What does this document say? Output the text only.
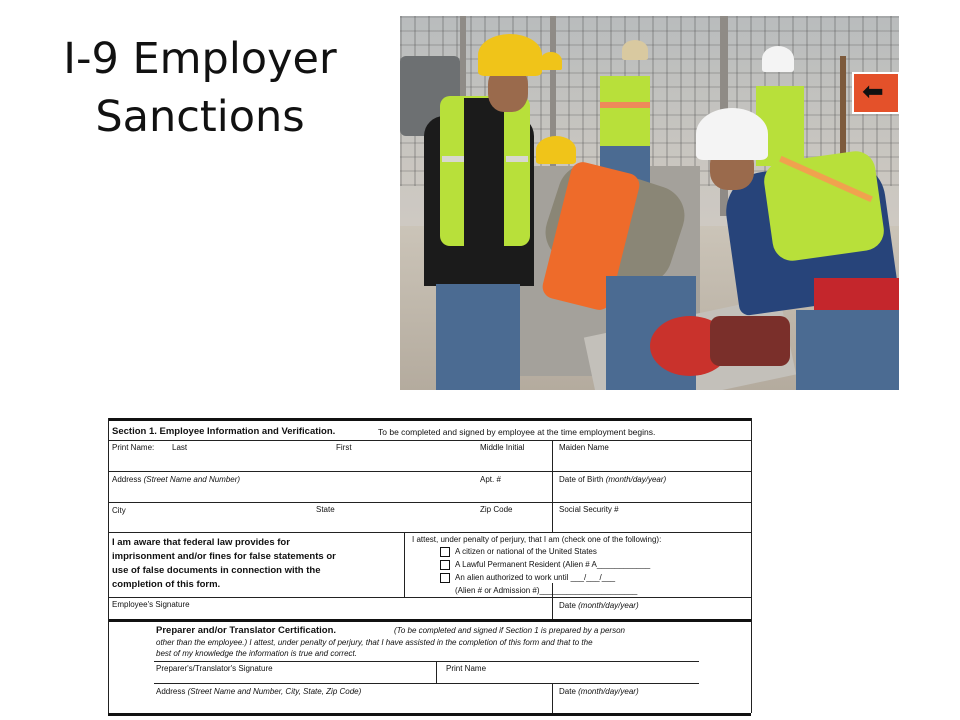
I-9 Employer Sanctions
⬅
Section 1. Employee Information and Verification.	To be completed and signed by employee at the time employment begins.
Print Name: Last	First	Middle Initial	Maiden Name
Address (Street Name and Number)	Apt. #	Date of Birth (month/day/year)
City	State	Zip Code	Social Security #
I am aware that federal law provides for
imprisonment and/or fines for false statements or
use of false documents in connection with the
completion of this form.
I attest, under penalty of perjury, that I am (check one of the following):
A citizen or national of the United States
A Lawful Permanent Resident (Alien # A____________
An alien authorized to work until ___/___/___
(Alien # or Admission #)______________________
Employee's Signature	Date (month/day/year)
Preparer and/or Translator Certification.	(To be completed and signed if Section 1 is prepared by a person
other than the employee.) I attest, under penalty of perjury, that I have assisted in the completion of this form and that to the
best of my knowledge the information is true and correct.
Preparer's/Translator's Signature	Print Name
Address (Street Name and Number, City, State, Zip Code)	Date (month/day/year)
